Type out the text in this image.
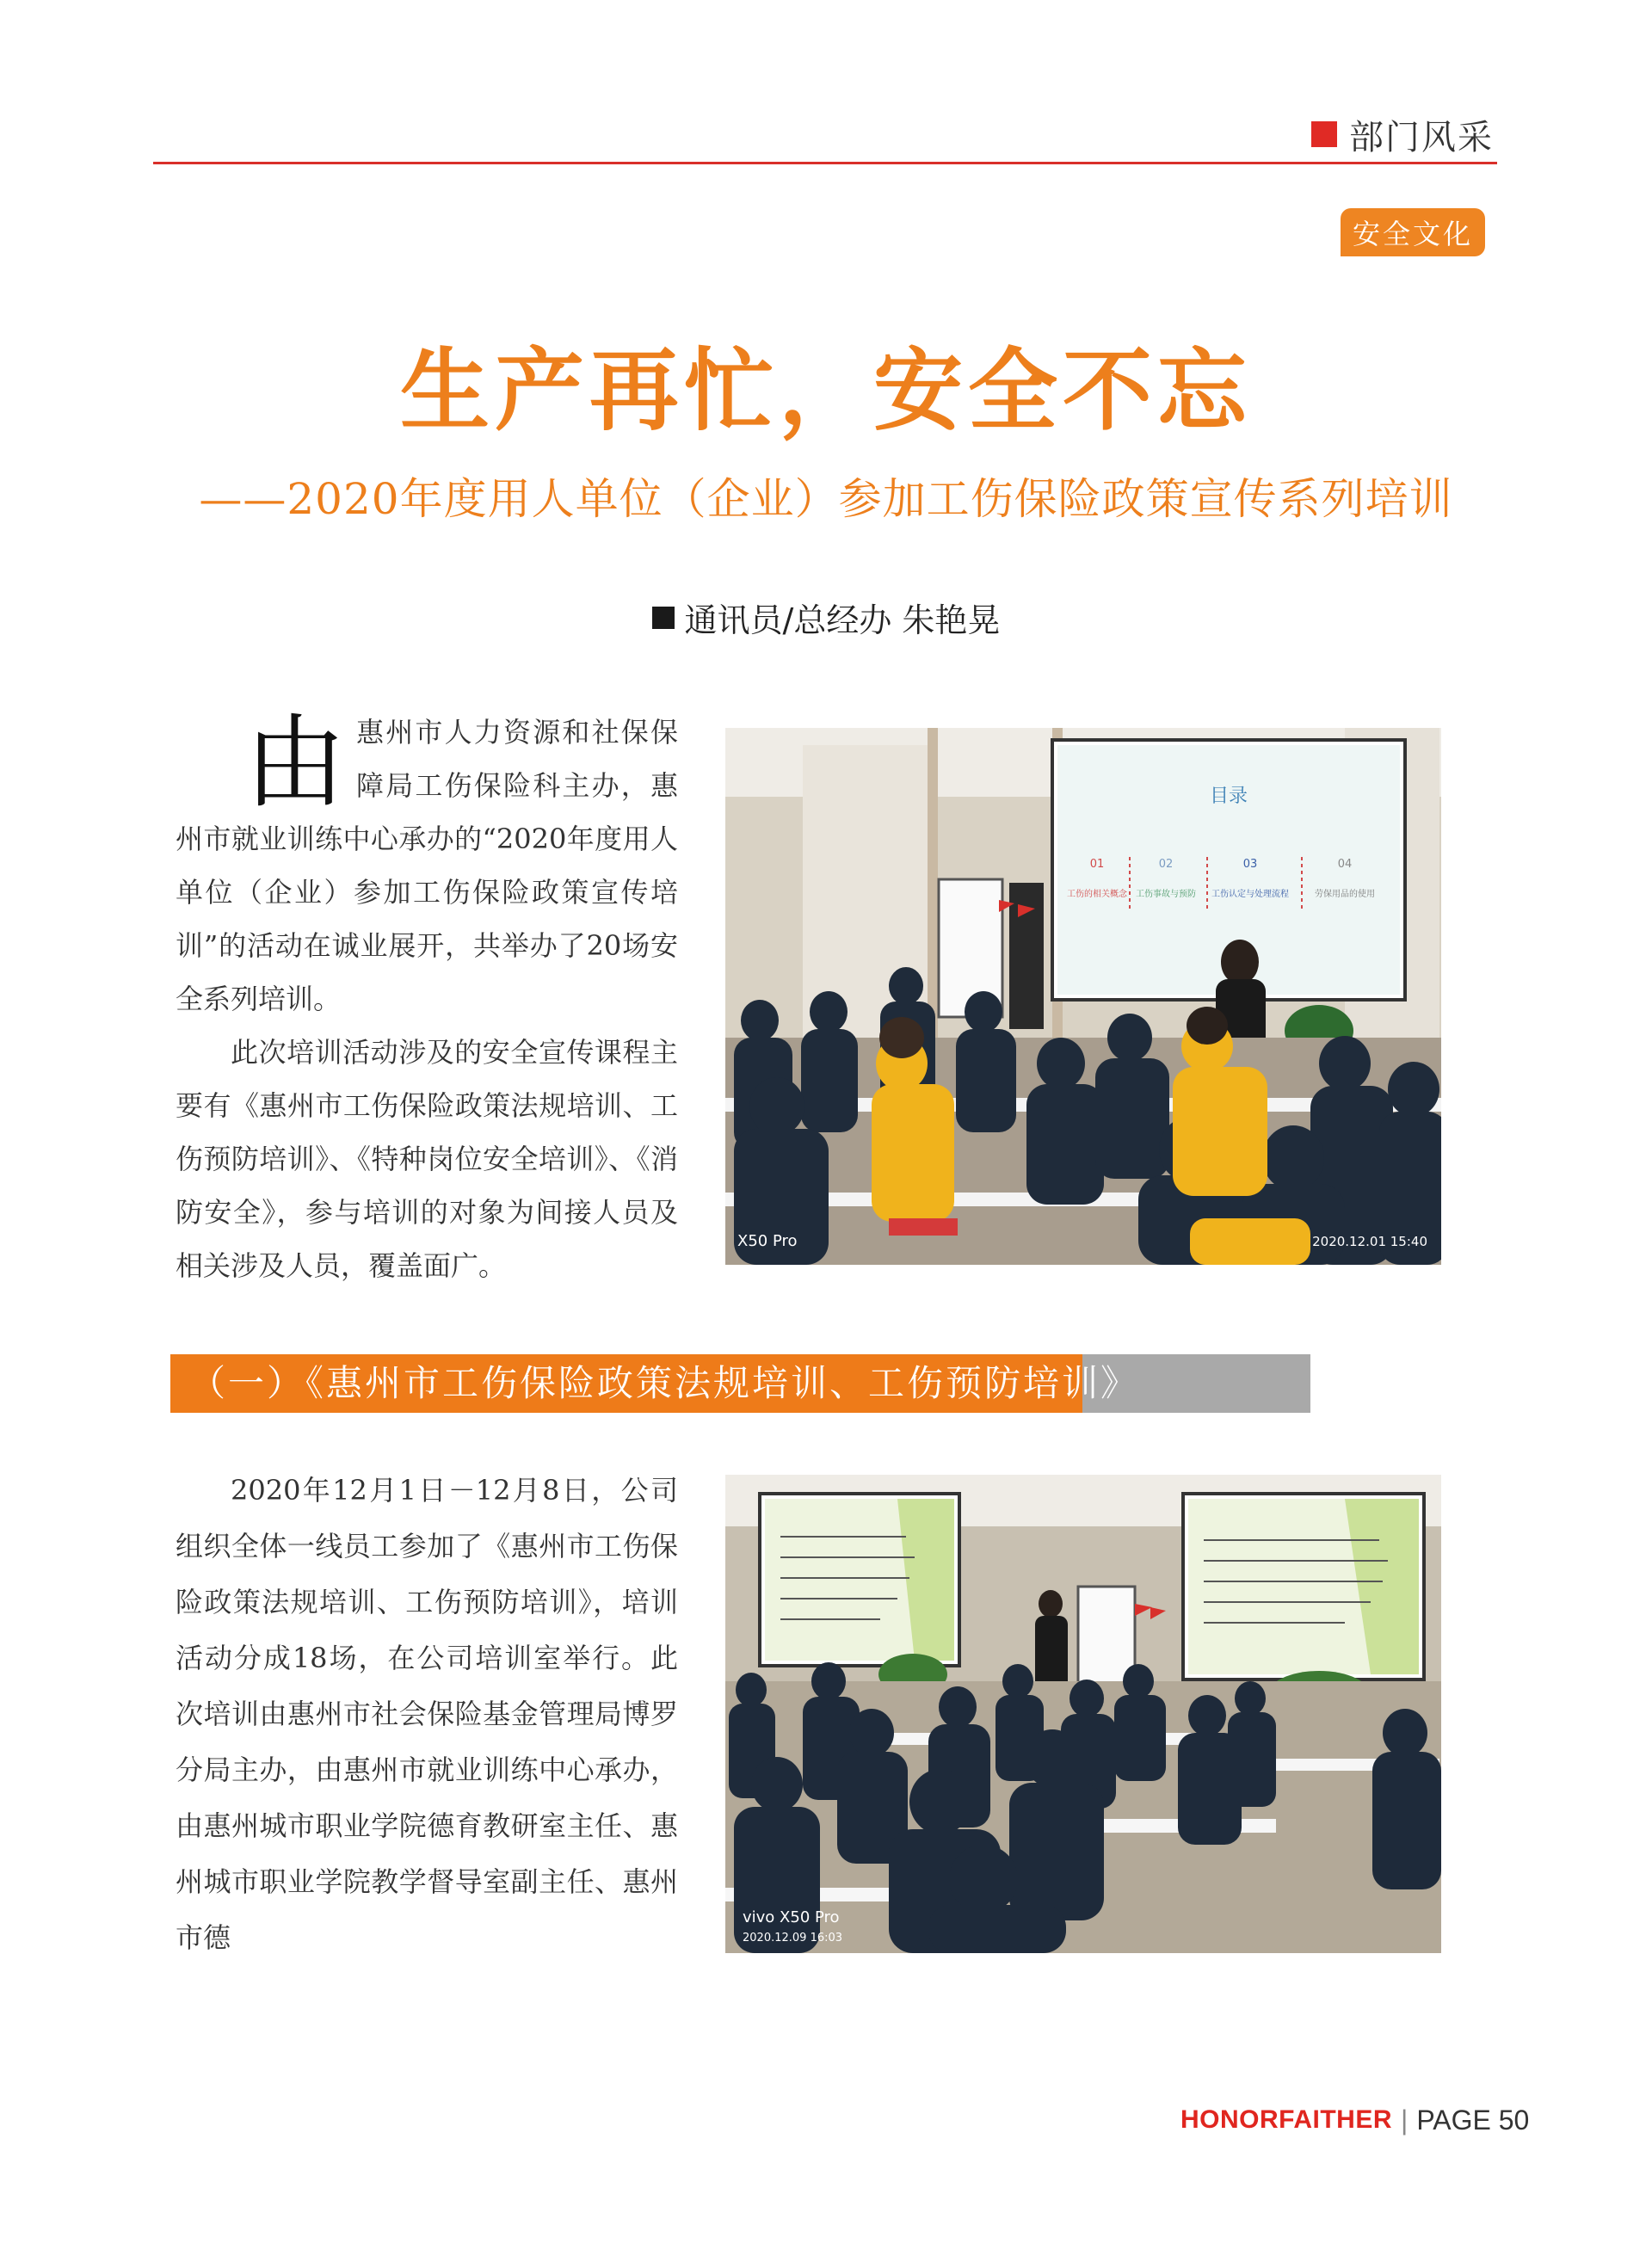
部门风采
安全文化
生产再忙，安全不忘
——2020年度用人单位（企业）参加工伤保险政策宣传系列培训
通讯员/总经办 朱艳晃

由惠州市人力资源和社保保障局工伤保险科主办，惠州市就业训练中心承办的“2020年度用人单位（企业）参加工伤保险政策宣传培训”的活动在诚业展开，共举办了20场安全系列培训。

此次培训活动涉及的安全宣传课程主要有《惠州市工伤保险政策法规培训、工伤预防培训》、《特种岗位安全培训》、《消防安全》，参与培训的对象为间接人员及相关涉及人员，覆盖面广。

目录
01
工伤的相关概念
02
工伤事故与预防
03
工伤认定与处理流程
04
劳保用品的使用
X50 Pro	2020.12.01 15:40
（一）《惠州市工伤保险政策法规培训、工伤预防培训》

2020年12月1日－12月8日，公司组织全体一线员工参加了《惠州市工伤保险政策法规培训、工伤预防培训》，培训活动分成18场，在公司培训室举行。此次培训由惠州市社会保险基金管理局博罗分局主办，由惠州市就业训练中心承办，由惠州城市职业学院德育教研室主任、惠州城市职业学院教学督导室副主任、惠州市德

vivo X50 Pro
2020.12.09 16:03
HONORFAITHER | PAGE 50
